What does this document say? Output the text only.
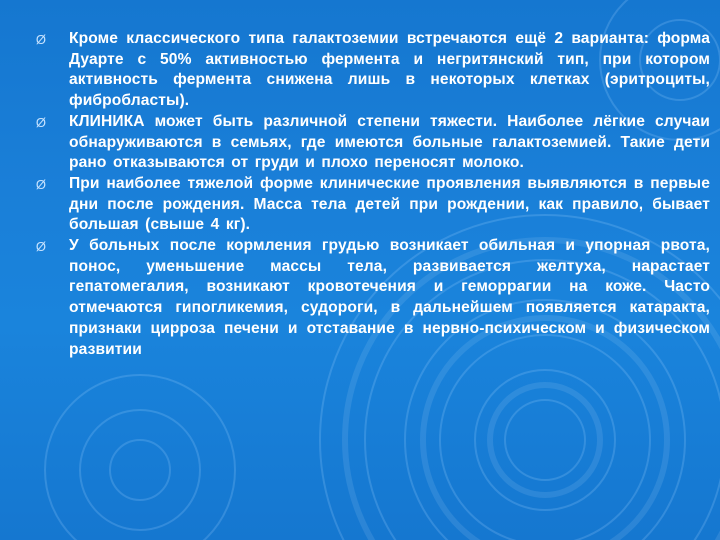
Ø	Кроме классического типа галактоземии встречаются ещё 2 варианта: форма Дуарте с 50% активностью фермента и негритянский тип, при котором активность фермента снижена лишь в некоторых клетках (эритроциты, фибробласты).
Ø	КЛИНИКА может быть различной степени тяжести. Наиболее лёгкие случаи обнаруживаются в семьях, где имеются больные галактоземией. Такие дети рано отказываются от груди и плохо переносят молоко.
Ø	При наиболее тяжелой форме клинические проявления выявляются в первые дни после рождения. Масса тела детей при рождении, как правило, бывает большая (свыше 4 кг).
Ø	У больных после кормления грудью возникает обильная и упорная рвота, понос, уменьшение массы тела, развивается желтуха, нарастает гепатомегалия, возникают кровотечения и геморрагии на коже. Часто отмечаются гипогликемия, судороги, в дальнейшем появляется катаракта, признаки цирроза печени и отставание в нервно-психическом и физическом развитии
